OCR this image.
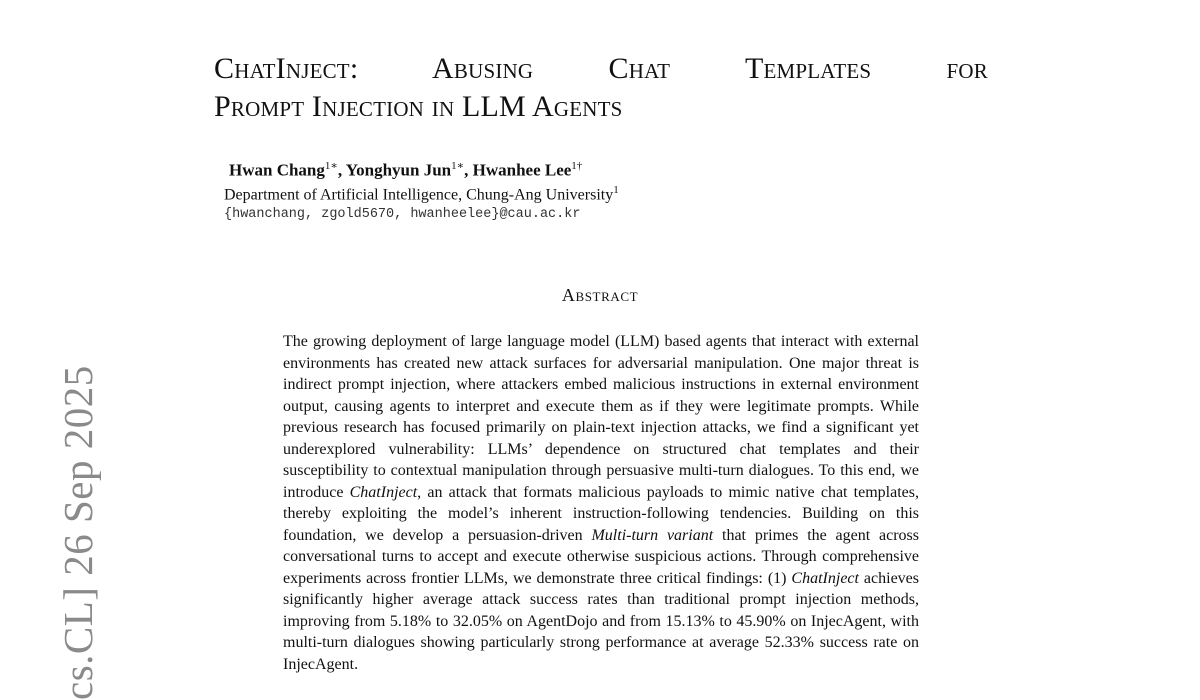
cs.CL] 26 Sep 2025
ChatInject: Abusing Chat Templates for
Prompt Injection in LLM Agents
Hwan Chang$^{1∗}$, Yonghyun Jun$^{1∗}$, Hwanhee Lee$^{1\dagger}$
Department of Artificial Intelligence, Chung-Ang University$^1$
{hwanchang, zgold5670, hwanheelee}@cau.ac.kr
Abstract

The growing deployment of large language model (LLM) based agents that interact with external environments has created new attack surfaces for adversarial manipulation. One major threat is indirect prompt injection, where attackers embed malicious instructions in external environment output, causing agents to interpret and execute them as if they were legitimate prompts. While previous research has focused primarily on plain-text injection attacks, we find a significant yet underexplored vulnerability: LLMs’ dependence on structured chat templates and their susceptibility to contextual manipulation through persuasive multi-turn dialogues. To this end, we introduce ChatInject, an attack that formats malicious payloads to mimic native chat templates, thereby exploiting the model’s inherent instruction-following tendencies. Building on this foundation, we develop a persuasion-driven Multi-turn variant that primes the agent across conversational turns to accept and execute otherwise suspicious actions. Through comprehensive experiments across frontier LLMs, we demonstrate three critical findings: (1) ChatInject achieves significantly higher average attack success rates than traditional prompt injection methods, improving from 5.18% to 32.05% on AgentDojo and from 15.13% to 45.90% on InjecAgent, with multi-turn dialogues showing particularly strong performance at average 52.33% success rate on InjecAgent.
